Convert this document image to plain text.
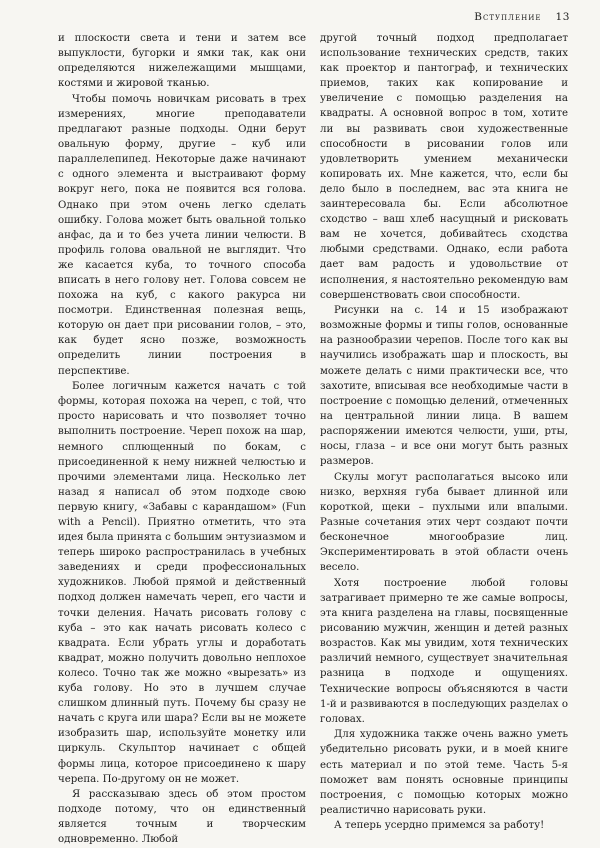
Вступление 13

и плоскости света и тени и затем все выпуклости, бугорки и ямки так, как они определяются нижележащими мышцами, костями и жировой тканью.

Чтобы помочь новичкам рисовать в трех измерениях, многие преподаватели предлагают разные подходы. Одни берут овальную форму, другие – куб или параллелепипед. Некоторые даже начинают с одного элемента и выстраивают форму вокруг него, пока не появится вся голова. Однако при этом очень легко сделать ошибку. Голова может быть овальной только анфас, да и то без учета линии челюсти. В профиль голова овальной не выглядит. Что же касается куба, то точного способа вписать в него голову нет. Голова совсем не похожа на куб, с какого ракурса ни посмотри. Единственная полезная вещь, которую он дает при рисовании голов, – это, как будет ясно позже, возможность определить линии построения в перспективе.

Более логичным кажется начать с той формы, которая похожа на череп, с той, что просто нарисовать и что позволяет точно выполнить построение. Череп похож на шар, немного сплющенный по бокам, с присоединенной к нему нижней челюстью и прочими элементами лица. Несколько лет назад я написал об этом подходе свою первую книгу, «Забавы с карандашом» (Fun with a Pencil). Приятно отметить, что эта идея была принята с большим энтузиазмом и теперь широко распространилась в учебных заведениях и среди профессиональных художников. Любой прямой и действенный подход должен намечать череп, его части и точки деления. Начать рисовать голову с куба – это как начать рисовать колесо с квадрата. Если убрать углы и доработать квадрат, можно получить довольно неплохое колесо. Точно так же можно «вырезать» из куба голову. Но это в лучшем случае слишком длинный путь. Почему бы сразу не начать с круга или шара? Если вы не можете изобразить шар, используйте монетку или циркуль. Скульптор начинает с общей формы лица, которое присоединено к шару черепа. По-другому он не может.

Я рассказываю здесь об этом простом подходе потому, что он единственный является точным и творческим одновременно. Любой

другой точный подход предполагает использование технических средств, таких как проектор и пантограф, и технических приемов, таких как копирование и увеличение с помощью разделения на квадраты. А основной вопрос в том, хотите ли вы развивать свои художественные способности в рисовании голов или удовлетворить умением механически копировать их. Мне кажется, что, если бы дело было в последнем, вас эта книга не заинтересовала бы. Если абсолютное сходство – ваш хлеб насущный и рисковать вам не хочется, добивайтесь сходства любыми средствами. Однако, если работа дает вам радость и удовольствие от исполнения, я настоятельно рекомендую вам совершенствовать свои способности.

Рисунки на с. 14 и 15 изображают возможные формы и типы голов, основанные на разнообразии черепов. После того как вы научились изображать шар и плоскость, вы можете делать с ними практически все, что захотите, вписывая все необходимые части в построение с помощью делений, отмеченных на центральной линии лица. В вашем распоряжении имеются челюсти, уши, рты, носы, глаза – и все они могут быть разных размеров.

Скулы могут располагаться высоко или низко, верхняя губа бывает длинной или короткой, щеки – пухлыми или впалыми. Разные сочетания этих черт создают почти бесконечное многообразие лиц. Экспериментировать в этой области очень весело.

Хотя построение любой головы затрагивает примерно те же самые вопросы, эта книга разделена на главы, посвященные рисованию мужчин, женщин и детей разных возрастов. Как мы увидим, хотя технических различий немного, существует значительная разница в подходе и ощущениях. Технические вопросы объясняются в части 1-й и развиваются в последующих разделах о головах.

Для художника также очень важно уметь убедительно рисовать руки, и в моей книге есть материал и по этой теме. Часть 5-я поможет вам понять основные принципы построения, с помощью которых можно реалистично нарисовать руки.

А теперь усердно примемся за работу!
